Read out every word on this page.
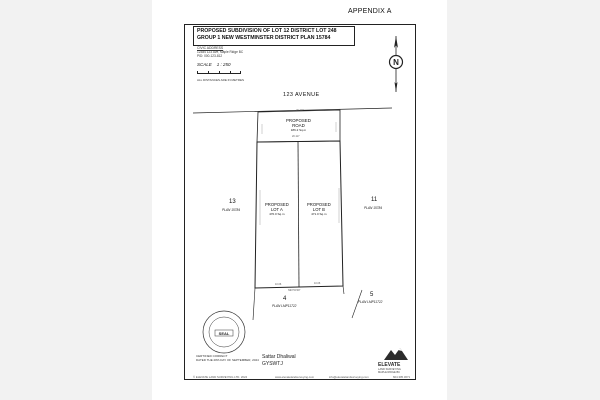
APPENDIX A
PROPOSED SUBDIVISION OF LOT 12 DISTRICT LOT 248
GROUP 1 NEW WESTMINSTER DISTRICT PLAN 15784
CIVIC ADDRESS
12384 123 Ave, Maple Ridge BC
PID: 000-123-812
SCALE 1 : 250
ALL DISTANCES ARE IN METRES
N
20.117
20.117
10.06	10.06
N90°00'00"
SEAL
123 AVENUE
PROPOSED
ROAD
186.2 Sq.m
PROPOSED
LOT A
470.0 Sq.m
PROPOSED
LOT B
471.0 Sq.m
13
PLAN 15784
11
PLAN 15784
4
PLAN LMP11722
5
PLAN LMP11722
CERTIFIED CORRECT
DATED THE 28th DAY OF SEPTEMBER, 2024 Sattar Dhaliwal
GYSWTJ	ELEVATE
LAND SURVEYING
MAPLE RIDGE BC
© ELEVATE LAND SURVEYING LTD. 2024	www.elevatelandsurveying.com	info@elevatelandsurveying.com	604.305.3071
